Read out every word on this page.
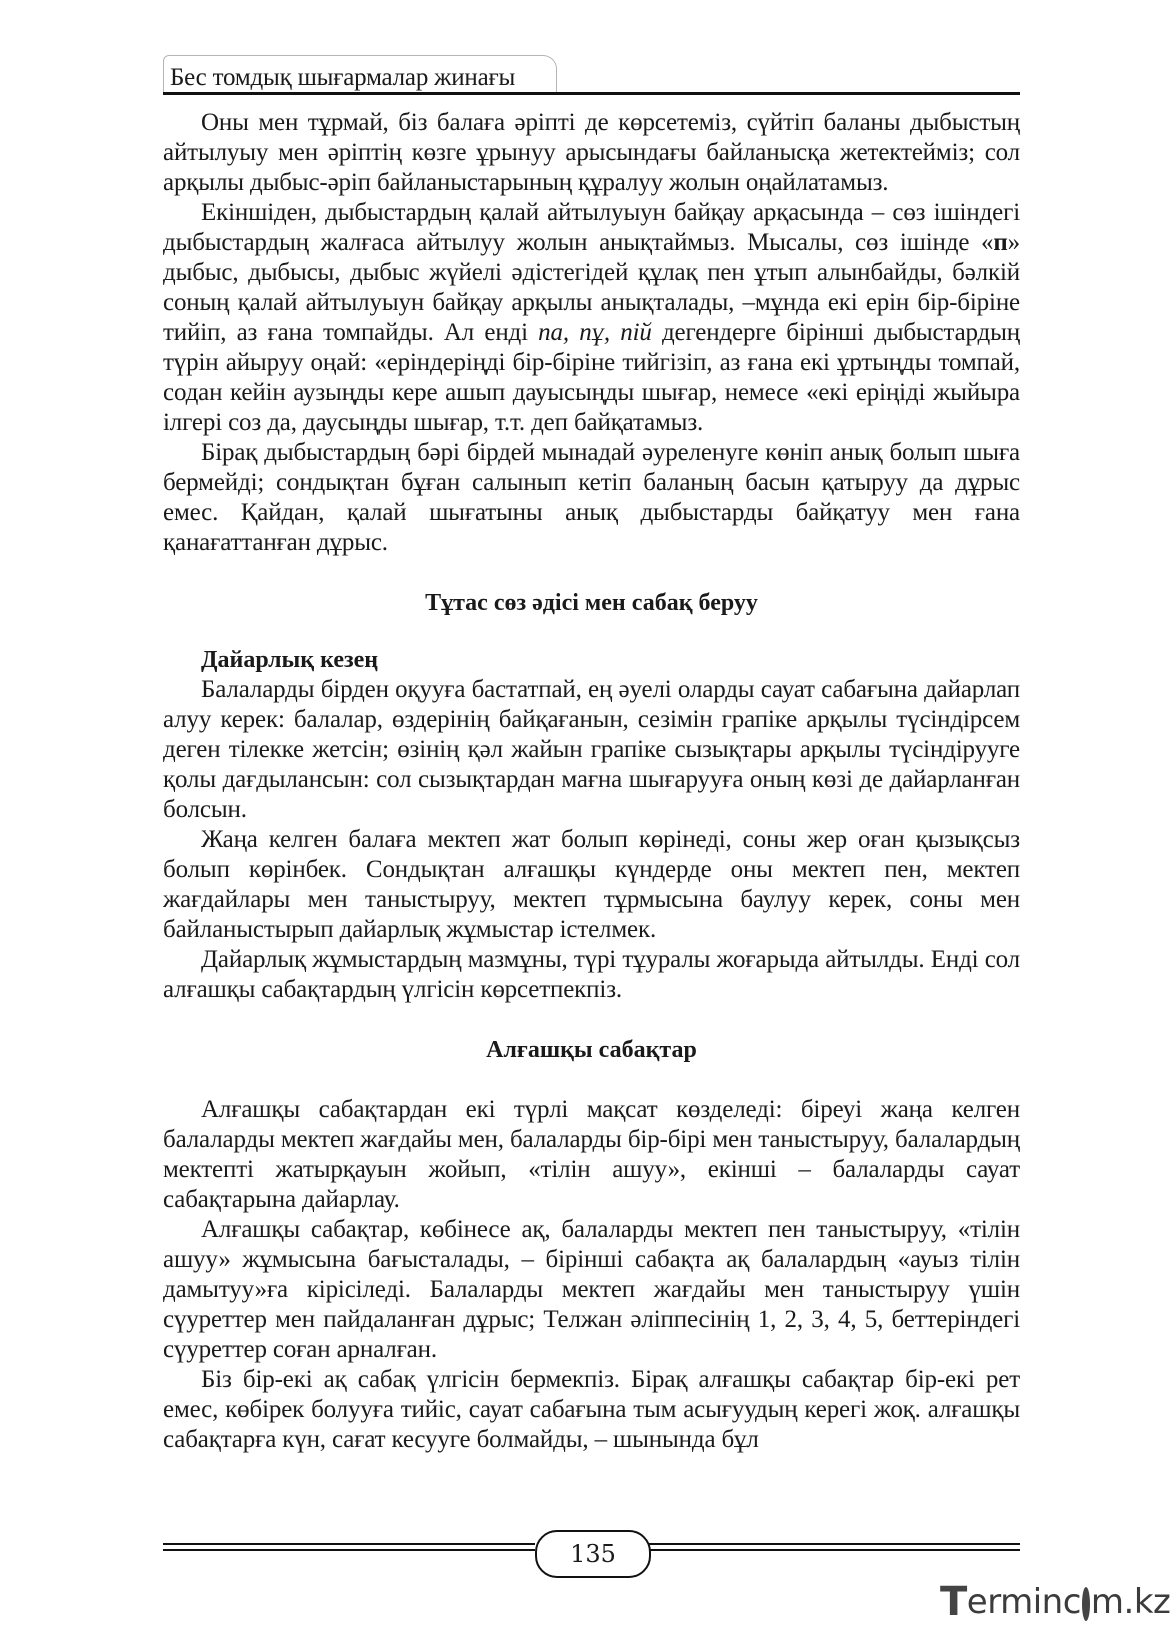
Бес томдық шығармалар жинағы

Оны мен тұрмай, біз балаға әріпті де көрсетеміз, сүйтіп баланы дыбыстың айтылуыу мен әріптің көзге ұрынуу арысындағы байланысқа жетектейміз; сол арқылы дыбыс-әріп байланыстарының құралуу жолын оңайлатамыз.

Екіншіден, дыбыстардың қалай айтылуыун байқау арқасында – сөз ішіндегі дыбыстардың жалғаса айтылуу жолын анықтаймыз. Мысалы, сөз ішінде «п» дыбыс, дыбысы, дыбыс жүйелі әдістегідей құлақ пен ұтып алынбайды, бәлкій соның қалай айтылуыун байқау арқылы анықталады, –мұнда екі ерін бір-біріне тийіп, аз ғана томпайды. Ал енді па, пұ, пій дегендерге бірінші дыбыстардың түрін айыруу оңай: «еріндеріңді бір-біріне тийгізіп, аз ғана екі ұртыңды томпай, содан кейін аузыңды кере ашып дауысыңды шығар, немесе «екі еріңіді жыйыра ілгері соз да, даусыңды шығар, т.т. деп байқатамыз.

Бірақ дыбыстардың бәрі бірдей мынадай әуреленуге көніп анық болып шыға бермейді; сондықтан бұған салынып кетіп баланың басын қатыруу да дұрыс емес. Қайдан, қалай шығатыны анық дыбыстарды байқатуу мен ғана қанағаттанған дұрыс.

Тұтас сөз әдісі мен сабақ беруу
Дайарлық кезең

Балаларды бірден оқууға бастатпай, ең әуелі оларды сауат сабағына дайарлап алуу керек: балалар, өздерінің байқағанын, сезімін грапіке арқылы түсіндірсем деген тілекке жетсін; өзінің қәл жайын грапіке сызықтары арқылы түсіндірууге қолы дағдылансын: сол сызықтардан мағна шығарууға оның көзі де дайарланған болсын.

Жаңа келген балаға мектеп жат болып көрінеді, соны жер оған қызықсыз болып көрінбек. Сондықтан алғашқы күндерде оны мектеп пен, мектеп жағдайлары мен таныстыруу, мектеп тұрмысына баулуу керек, соны мен байланыстырып дайарлық жұмыстар істелмек.

Дайарлық жұмыстардың мазмұны, түрі тұуралы жоғарыда айтылды. Енді сол алғашқы сабақтардың үлгісін көрсетпекпіз.

Алғашқы сабақтар

Алғашқы сабақтардан екі түрлі мақсат көзделеді: біреуі жаңа келген балаларды мектеп жағдайы мен, балаларды бір-бірі мен таныстыруу, балалардың мектепті жатырқауын жойып, «тілін ашуу», екінші – балаларды сауат сабақтарына дайарлау.

Алғашқы сабақтар, көбінесе ақ, балаларды мектеп пен таныстыруу, «тілін ашуу» жұмысына бағысталады, – бірінші сабақта ақ балалардың «ауыз тілін дамытуу»ға кірісіледі. Балаларды мектеп жағдайы мен таныстыруу үшін сүуреттер мен пайдаланған дұрыс; Телжан әліппесінің 1, 2, 3, 4, 5, беттеріндегі сүуреттер соған арналған.

Біз бір-екі ақ сабақ үлгісін бермекпіз. Бірақ алғашқы сабақтар бір-екі рет емес, көбірек болууға тийіс, сауат сабағына тым асығуудың керегі жоқ. алғашқы сабақтарға күн, сағат кесууге болмайды, – шынында бұл

135
T erminc m.kz
